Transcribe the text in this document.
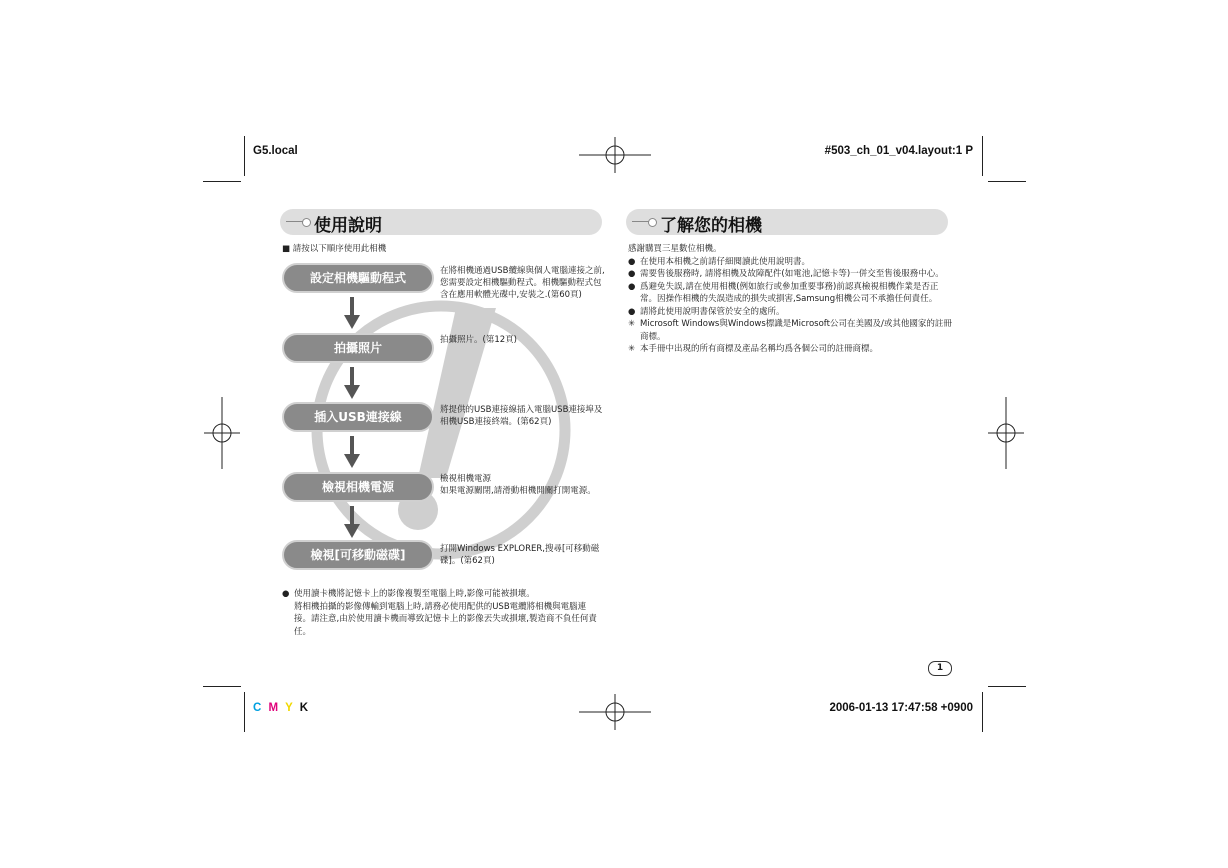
G5.local	#503_ch_01_v04.layout:1 P
C M Y K	2006-01-13 17:47:58 +0900
使用說明
■ 請按以下順序使用此相機
設定相機驅動程式
拍攝照片
插入USB連接線
檢視相機電源
檢視[可移動磁碟]
在將相機通過USB纜線與個人電腦連接之前,您需要設定相機驅動程式。相機驅動程式包含在應用軟體光碟中,安裝之.(第60頁)
拍攝照片。(第12頁)
將提供的USB連接線插入電腦USB連接埠及相機USB連接終端。(第62頁)
檢視相機電源
如果電源關閉,請滑動相機開關打開電源。
打開Windows EXPLORER,搜尋[可移動磁碟]。(第62頁)
● 使用讀卡機將記憶卡上的影像複製至電腦上時,影像可能被損壞。
將相機拍攝的影像傳輸到電腦上時,請務必使用配供的USB電纜將相機與電腦連接。請注意,由於使用讀卡機而導致記憶卡上的影像丟失或損壞,製造商不負任何責任。
了解您的相機
感謝購買三星數位相機。
● 在使用本相機之前請仔細閱讀此使用說明書。
● 需要售後服務時, 請將相機及故障配件(如電池,記憶卡等)一併交至售後服務中心。
● 爲避免失誤,請在使用相機(例如旅行或參加重要事務)前認真檢視相機作業是否正常。因操作相機的失誤造成的損失或損害,Samsung相機公司不承擔任何責任。
● 請將此使用說明書保管於安全的處所。
✳ Microsoft Windows與Windows標識是Microsoft公司在美國及/或其他國家的註冊商標。
✳ 本手冊中出現的所有商標及產品名稱均爲各個公司的註冊商標。
1
